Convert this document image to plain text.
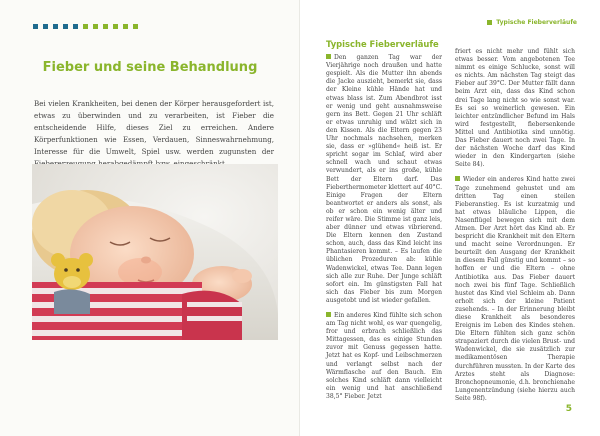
Fieber und seine Behandlung
Bei vielen Krankheiten, bei denen der Körper herausgefordert ist, etwas zu überwinden und zu verarbeiten, ist Fieber die entscheidende Hilfe, dieses Ziel zu erreichen. Andere Körperfunktionen wie Essen, Verdauen, Sinneswahrnehmung, Interesse für die Umwelt, Spiel usw. werden zugunsten der
Typische Fieberverläufe
Typische Fieberverläufe

Den ganzen Tag war der Vierjährige noch draußen und hatte gespielt. Als die Mutter ihn abends die Jacke auszieht, bemerkt sie, dass der Kleine kühle Hände hat und etwas blass ist. Zum Abendbrot isst er wenig und geht ausnahmsweise gern ins Bett. Gegen 21 Uhr schläft er etwas unruhig und wälzt sich in den Kissen. Als die Eltern gegen 23 Uhr nochmals nachsehen, merken sie, dass er »glühend« heiß ist. Er spricht sogar im Schlaf, wird aber schnell wach und schaut etwas verwundert, als er ins große, kühle Bett der Eltern darf. Das Fieberthermometer klettert auf 40°C. Einige Fragen der Eltern beantwortet er anders als sonst, als ob er schon ein wenig älter und reifer wäre. Die Stimme ist ganz leis, aber dünner und etwas vibrierend. Die Eltern kennen den Zustand schon, auch, dass das Kind leicht ins Phantasieren kommt. – Es laufen die üblichen Prozeduren ab: kühle Wadenwickel, etwas Tee. Dann legen sich alle zur Ruhe. Der Junge schläft sofort ein. Im günstigsten Fall hat sich das Fieber bis zum Morgen ausgetobt und ist wieder gefallen.

Ein anderes Kind fühlte sich schon am Tag nicht wohl, es war quengelig, fror und erbrach schließlich das Mittagessen, das es einige Stunden zuvor mit Genuss gegessen hatte. Jetzt hat es Kopf- und Leibschmerzen und verlangt selbst nach der Wärmflasche auf den Bauch. Ein solches Kind schläft dann vielleicht ein wenig und hat anschließend 38,5° Fieber. Jetzt

friert es nicht mehr und fühlt sich etwas besser. Vom angebotenen Tee nimmt es einige Schlucke, sonst will es nichts. Am nächsten Tag steigt das Fieber auf 39°C. Der Mutter fällt dann beim Arzt ein, dass das Kind schon drei Tage lang nicht so wie sonst war. Es sei so weinerlich gewesen. Ein leichter entzündlicher Befund im Hals wird festgestellt, fiebersenkende Mittel und Antibiotika sind unnötig. Das Fieber dauert noch zwei Tage. In der nächsten Woche darf das Kind wieder in den Kindergarten (siehe Seite 84).

Wieder ein anderes Kind hatte zwei Tage zunehmend gehustet und am dritten Tag einen steilen Fieberanstieg. Es ist kurzatmig und hat etwas bläuliche Lippen, die Nasenflügel bewegen sich mit dem Atmen. Der Arzt hört das Kind ab. Er bespricht die Krankheit mit den Eltern und macht seine Verordnungen. Er beurteilt den Ausgang der Krankheit in diesem Fall günstig und kommt – so hoffen er und die Eltern – ohne Antibiotika aus. Das Fieber dauert noch zwei bis fünf Tage. Schließlich hustet das Kind viel Schleim ab. Dann erholt sich der kleine Patient zusehends. – In der Erinnerung bleibt diese Krankheit als besonderes Ereignis im Leben des Kindes stehen. Die Eltern fühlten sich ganz schön strapaziert durch die vielen Brust- und Wadenwickel, die sie zusätzlich zur medikamentösen Therapie durchführen mussten. In der Karte des Arztes steht als Diagnose: Bronchopneumonie, d.h. bronchienahe Lungenentzündung (siehe hierzu auch Seite 98f).

5
